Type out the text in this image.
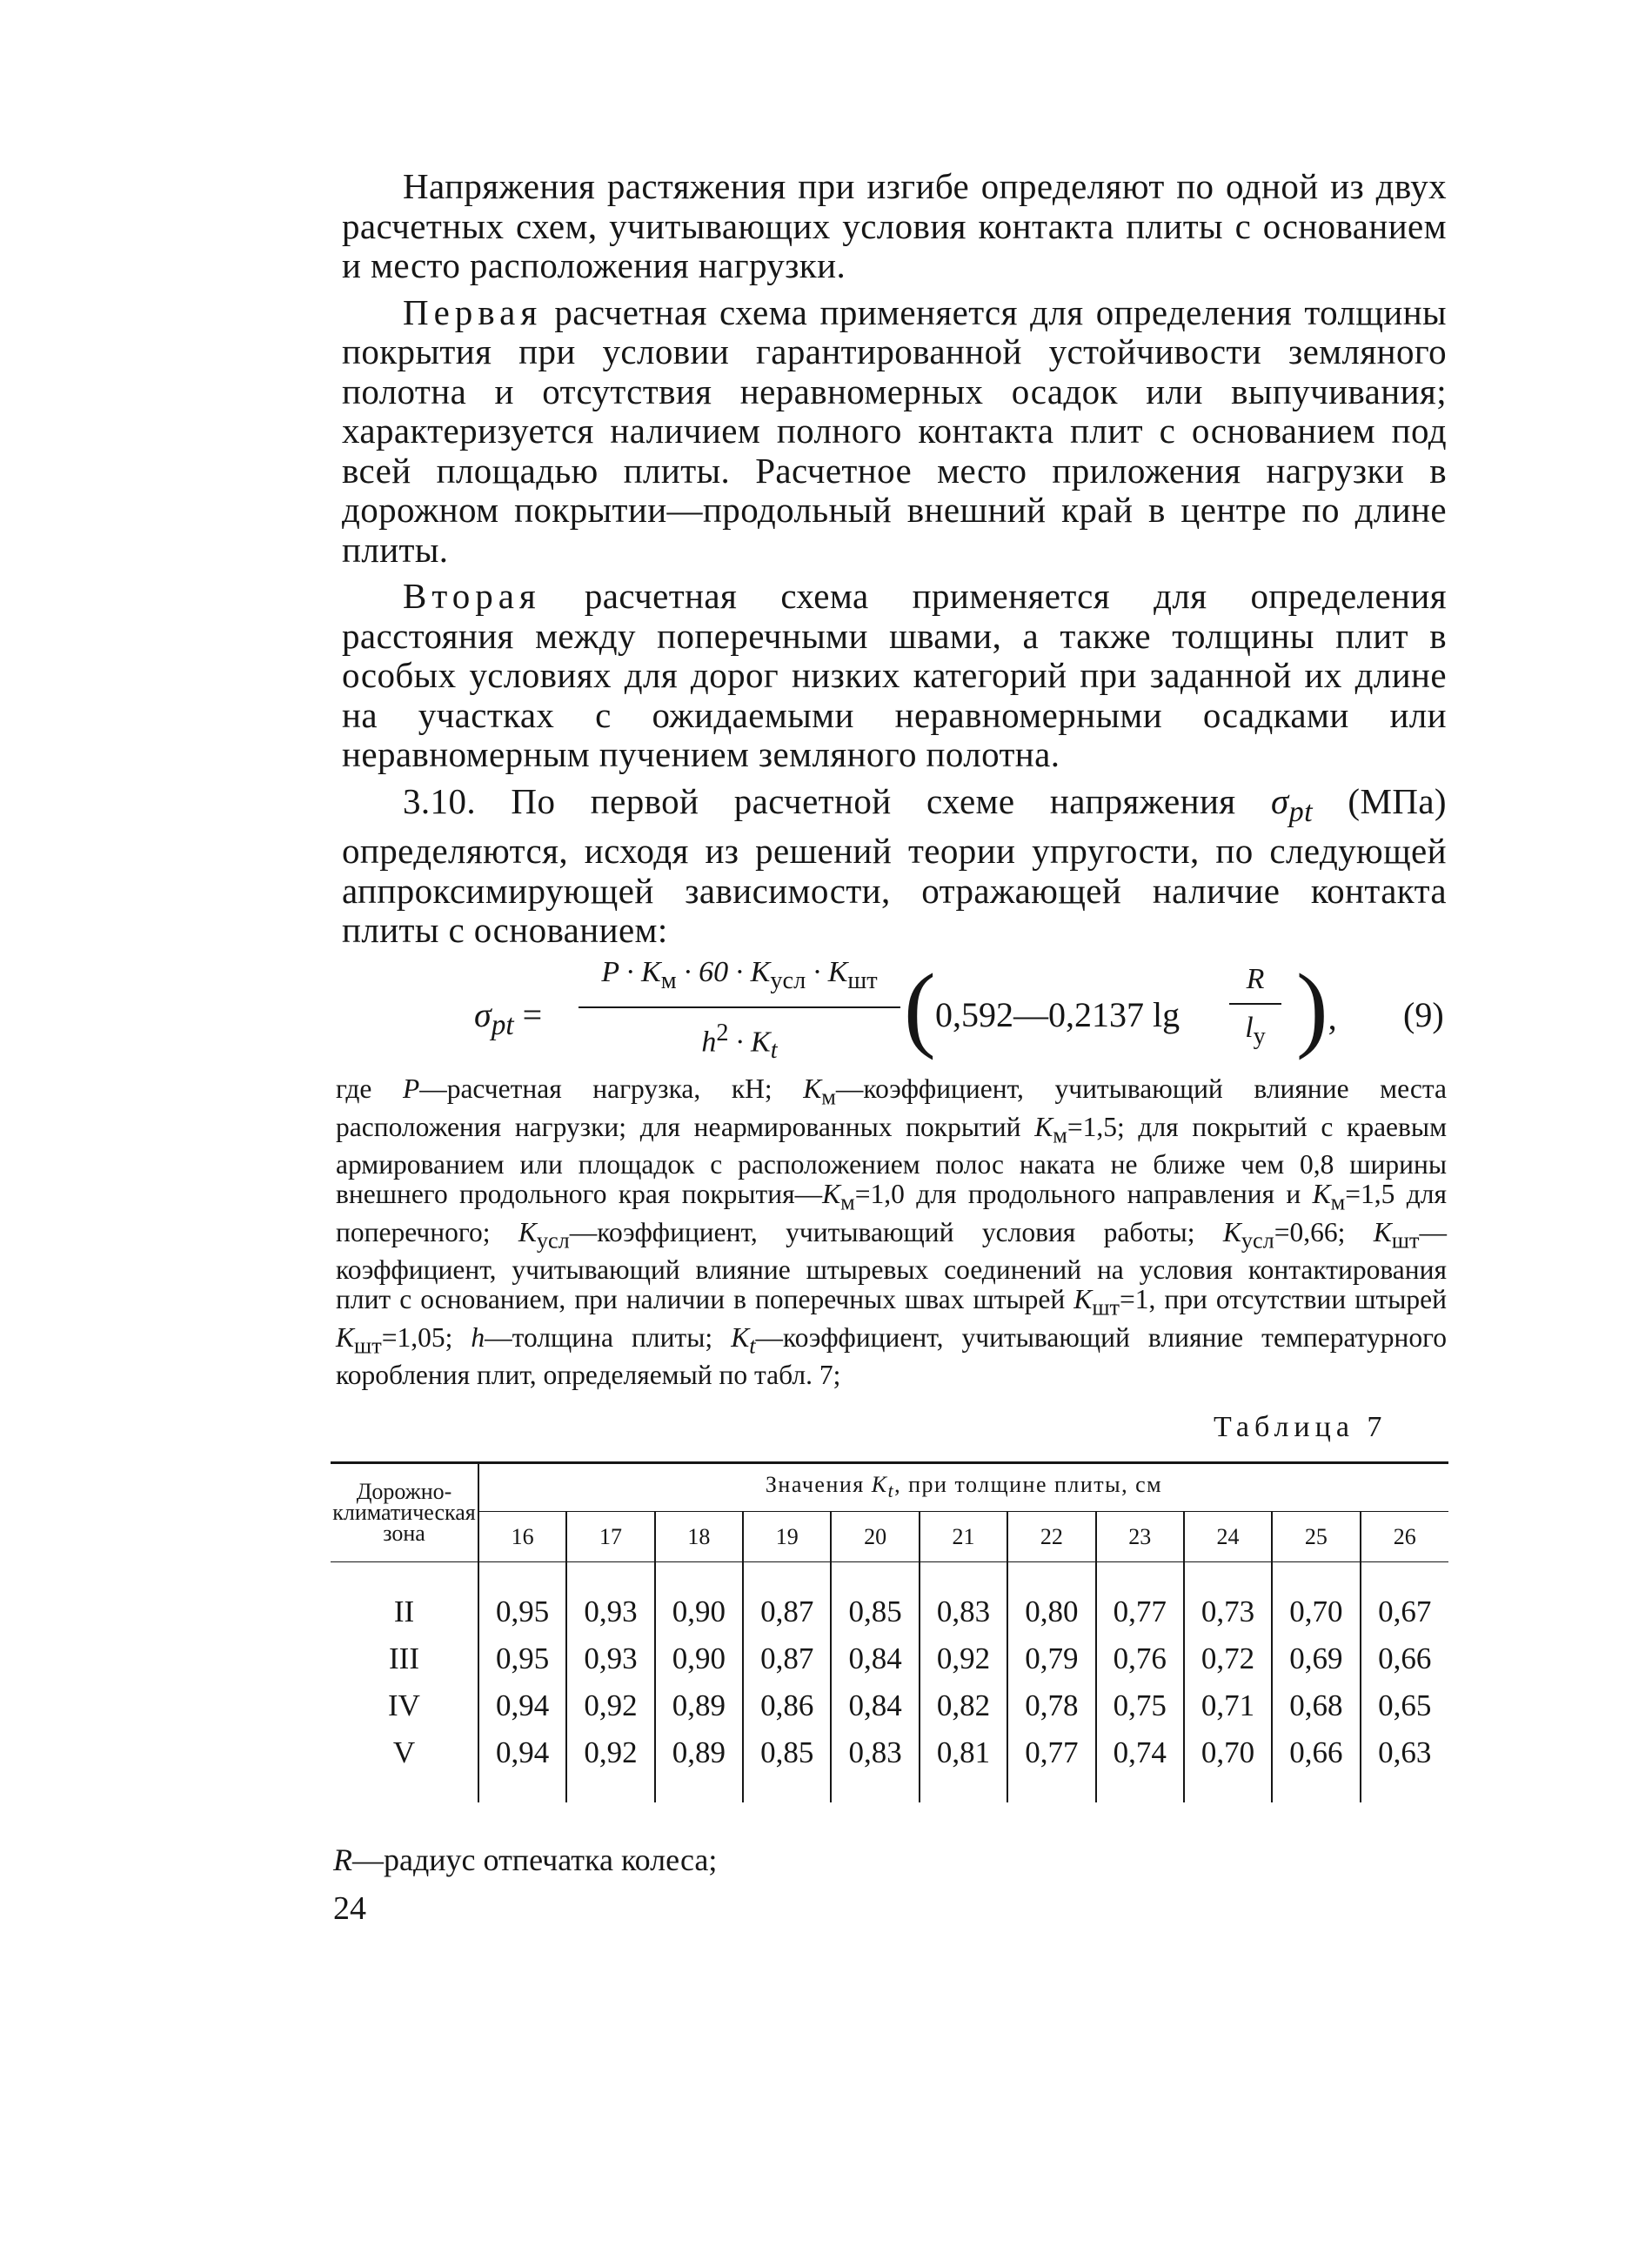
Напряжения растяжения при изгибе определяют по одной из двух расчетных схем, учитывающих условия контакта плиты с основанием и место расположения нагрузки.

Первая расчетная схема применяется для определения толщины покрытия при условии гарантированной устойчивости земляного полотна и отсутствия неравномерных осадок или выпучивания; характеризуется наличием полного контакта плит с основанием под всей площадью плиты. Расчетное место приложения нагрузки в дорожном покрытии—продольный внешний край в центре по длине плиты.

Вторая расчетная схема применяется для определения расстояния между поперечными швами, а также толщины плит в особых условиях для дорог низких категорий при заданной их длине на участках с ожидаемыми неравномерными осадками или неравномерным пучением земляного полотна.

3.10. По первой расчетной схеме напряжения $\sigma_{pt}$ (МПа) определяются, исходя из решений теории упругости, по следующей аппроксимирующей зависимости, отражающей наличие контакта плиты с основанием:

$\sigma_{pt}$ =
$P \cdot K_м \cdot 60 \cdot K_{усл} \cdot K_{шт}$
$h^2 \cdot K_t$	( 0,592—0,2137 lg
R
$l_y$ ), (9)
где P—расчетная нагрузка, кН; $K_м—коэффициент$, учитывающий влияние места расположения нагрузки; для неармированных покрытий $K_м=1,5$; для покрытий с краевым армированием или площадок с расположением полос наката не ближе чем 0,8 ширины внешнего продольного края $покрытия—K_м=1,0$ для продольного направления и $K_м=1,5$ для поперечного; $K_{усл}—коэффициент$, учитывающий условия работы; $K_{усл}=0,66$; $K_{шт}—коэффициент$, учитывающий влияние штыревых соединений на условия контактирования плит с основанием, при наличии в поперечных швах штырей $K_{шт}=1$, при отсутствии штырей $K_{шт}=1,05$; h—толщина плиты; $K_t—коэффициент$, учитывающий влияние температурного коробления плит, определяемый по табл. 7;
Таблица 7
Дорожно-климатическая зона	Значения $K_t$, при толщине плиты, см										
	16	17	18	19	20	21	22	23	24	25	26

II	0,95	0,93	0,90	0,87	0,85	0,83	0,80	0,77	0,73	0,70	0,67
III	0,95	0,93	0,90	0,87	0,84	0,92	0,79	0,76	0,72	0,69	0,66
IV	0,94	0,92	0,89	0,86	0,84	0,82	0,78	0,75	0,71	0,68	0,65
V	0,94	0,92	0,89	0,85	0,83	0,81	0,77	0,74	0,70	0,66	0,63

R—радиус отпечатка колеса;
24
